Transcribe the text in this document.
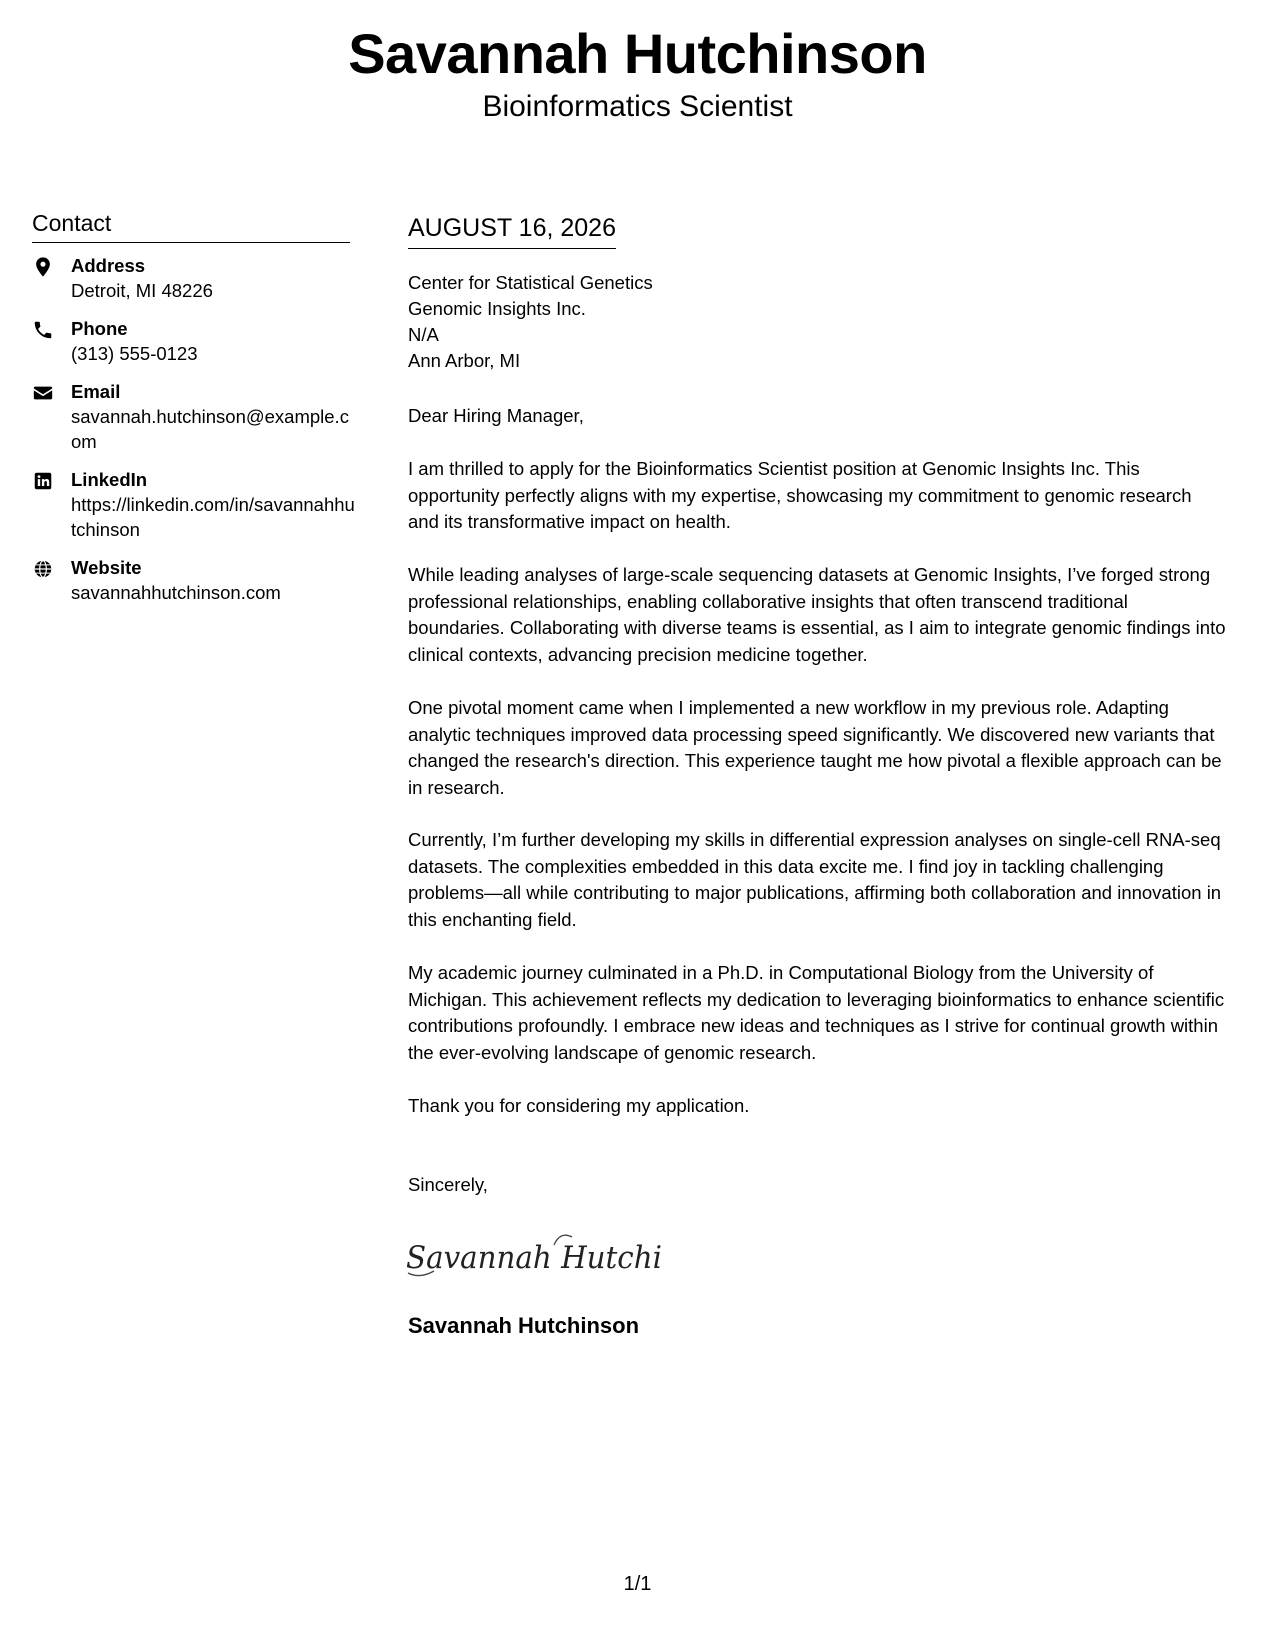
Savannah Hutchinson
Bioinformatics Scientist
Contact
Address
Detroit, MI 48226
Phone
(313) 555-0123
Email
savannah.hutchinson@example.com
LinkedIn
https://linkedin.com/in/savannahhutchinson
Website
savannahhutchinson.com
AUGUST 16, 2026
Center for Statistical Genetics
Genomic Insights Inc.
N/A
Ann Arbor, MI
Dear Hiring Manager,
I am thrilled to apply for the Bioinformatics Scientist position at Genomic Insights Inc. This
opportunity perfectly aligns with my expertise, showcasing my commitment to genomic research
and its transformative impact on health.
While leading analyses of large-scale sequencing datasets at Genomic Insights, I’ve forged strong
professional relationships, enabling collaborative insights that often transcend traditional
boundaries. Collaborating with diverse teams is essential, as I aim to integrate genomic findings into
clinical contexts, advancing precision medicine together.
One pivotal moment came when I implemented a new workflow in my previous role. Adapting
analytic techniques improved data processing speed significantly. We discovered new variants that
changed the research's direction. This experience taught me how pivotal a flexible approach can be
in research.
Currently, I’m further developing my skills in differential expression analyses on single-cell RNA-seq
datasets. The complexities embedded in this data excite me. I find joy in tackling challenging
problems—all while contributing to major publications, affirming both collaboration and innovation in
this enchanting field.
My academic journey culminated in a Ph.D. in Computational Biology from the University of
Michigan. This achievement reflects my dedication to leveraging bioinformatics to enhance scientific
contributions profoundly. I embrace new ideas and techniques as I strive for continual growth within
the ever-evolving landscape of genomic research.
Thank you for considering my application.
Sincerely,
Savannah Hutchi
Savannah Hutchinson
1/1
